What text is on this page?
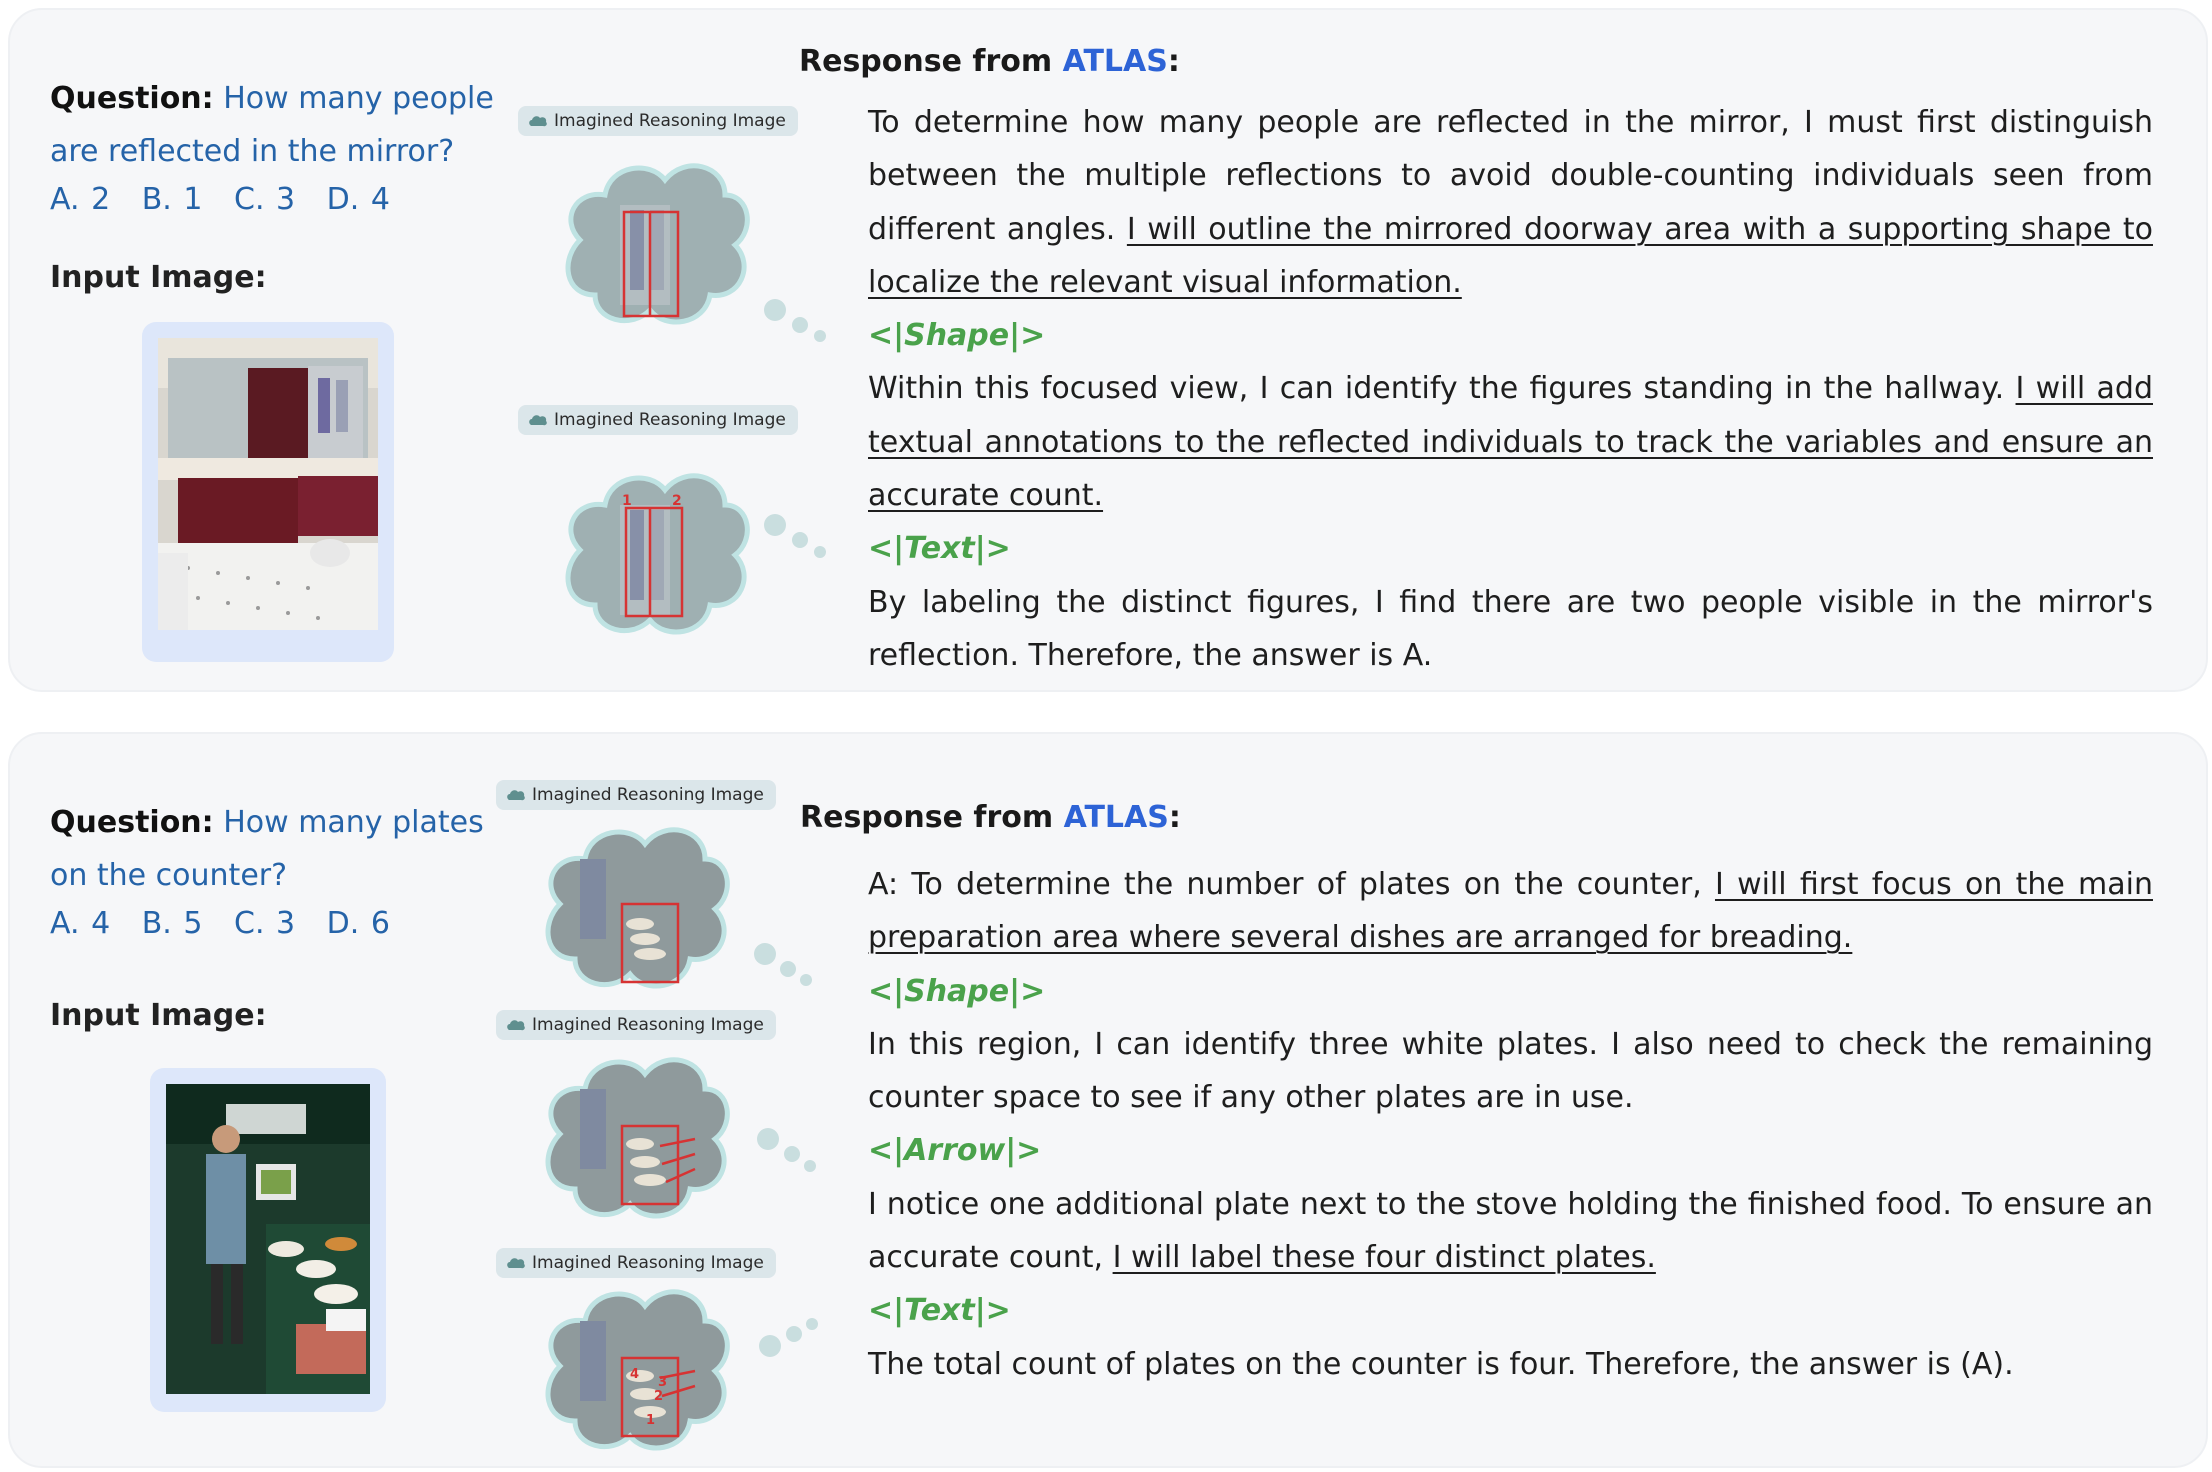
Question: How many people are reflected in the mirror?
A. 2 B. 1 C. 3 D. 4
Input Image:
Response from ATLAS:
Imagined Reasoning Image
Imagined Reasoning Image
1	2

To determine how many people are reflected in the mirror, I must first distinguish between the multiple reflections to avoid double-counting individuals seen from different angles. I will outline the mirrored doorway area with a supporting shape to localize the relevant visual information.

<|Shape|>

Within this focused view, I can identify the figures standing in the hallway. I will add textual annotations to the reflected individuals to track the variables and ensure an accurate count.

<|Text|>

By labeling the distinct figures, I find there are two people visible in the mirror's reflection. Therefore, the answer is A.

Question: How many plates on the counter?
A. 4 B. 5 C. 3 D. 6
Input Image:
Response from ATLAS:
Imagined Reasoning Image
Imagined Reasoning Image
Imagined Reasoning Image
4
3
2
1

A: To determine the number of plates on the counter, I will first focus on the main preparation area where several dishes are arranged for breading.

<|Shape|>

In this region, I can identify three white plates. I also need to check the remaining counter space to see if any other plates are in use.

<|Arrow|>

I notice one additional plate next to the stove holding the finished food. To ensure an accurate count, I will label these four distinct plates.

<|Text|>

The total count of plates on the counter is four. Therefore, the answer is (A).
